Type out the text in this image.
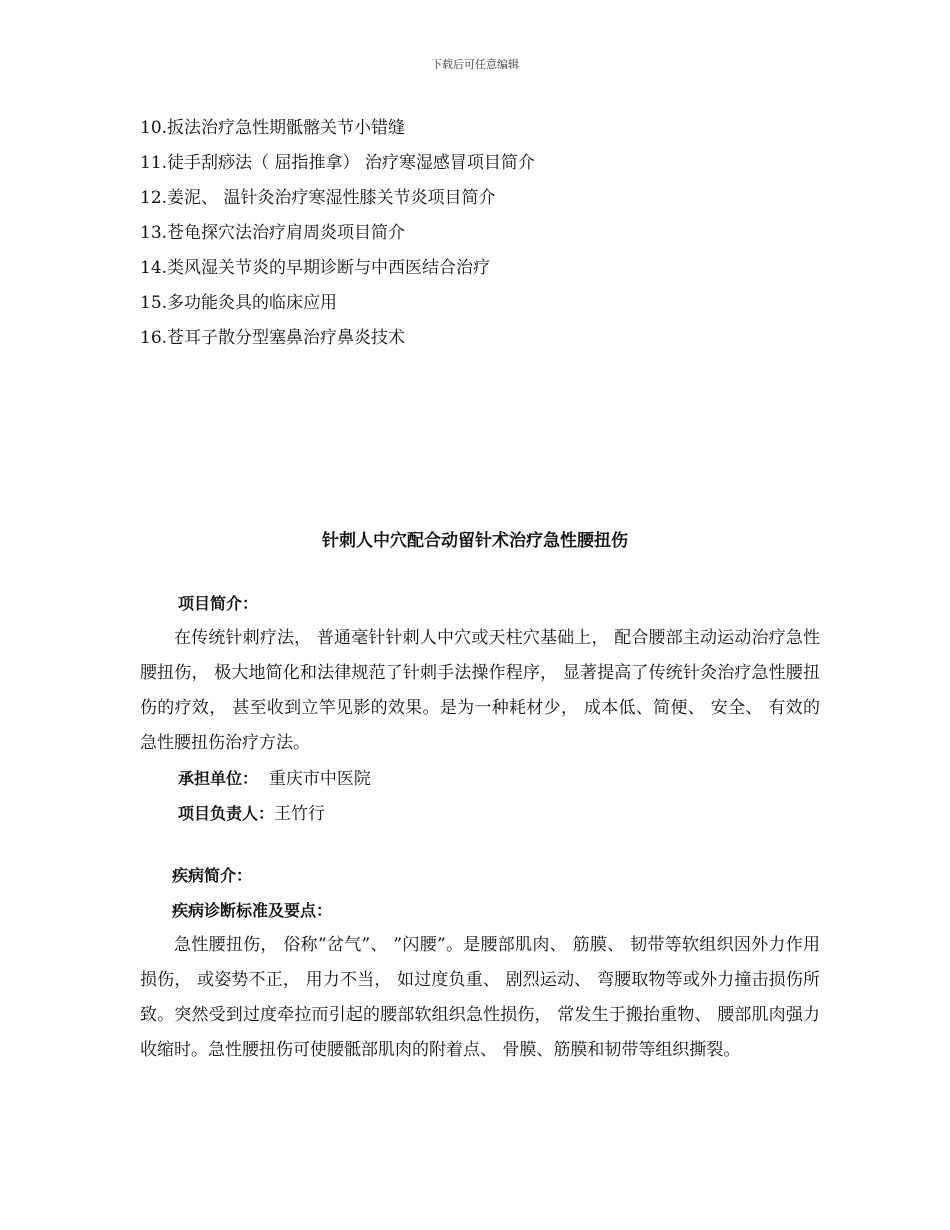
下载后可任意编辑
10.扳法治疗急性期骶髂关节小错缝
11.徒手刮痧法（ 屈指推拿） 治疗寒湿感冒项目简介
12.姜泥、 温针灸治疗寒湿性膝关节炎项目简介
13.苍龟探穴法治疗肩周炎项目简介
14.类风湿关节炎的早期诊断与中西医结合治疗
15.多功能灸具的临床应用
16.苍耳子散分型塞鼻治疗鼻炎技术
针刺人中穴配合动留针术治疗急性腰扭伤
项目简介：

在传统针刺疗法， 普通毫针针刺人中穴或天柱穴基础上， 配合腰部主动运动治疗急性腰扭伤， 极大地简化和法律规范了针刺手法操作程序， 显著提高了传统针灸治疗急性腰扭伤的疗效， 甚至收到立竿见影的效果。是为一种耗材少， 成本低、简便、 安全、 有效的急性腰扭伤治疗方法。

承担单位：  重庆市中医院
项目负责人：王竹行
疾病简介：
疾病诊断标准及要点：

急性腰扭伤， 俗称”岔气”、 ”闪腰”。是腰部肌肉、 筋膜、 韧带等软组织因外力作用损伤， 或姿势不正， 用力不当， 如过度负重、 剧烈运动、 弯腰取物等或外力撞击损伤所致。突然受到过度牵拉而引起的腰部软组织急性损伤， 常发生于搬抬重物、 腰部肌肉强力收缩时。急性腰扭伤可使腰骶部肌肉的附着点、 骨膜、筋膜和韧带等组织撕裂。
